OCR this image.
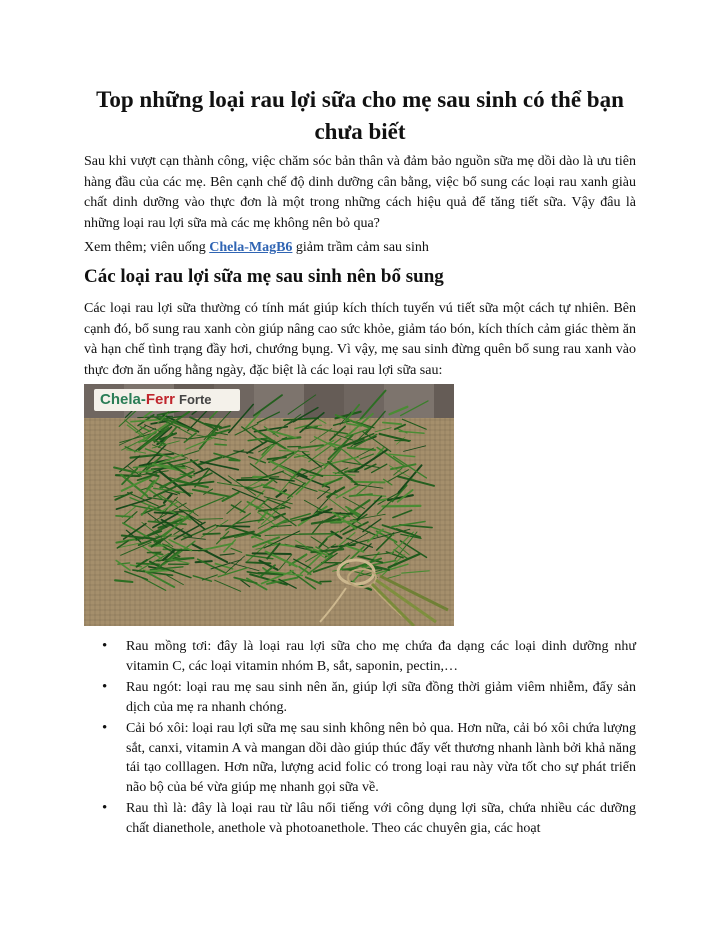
Top những loại rau lợi sữa cho mẹ sau sinh có thể bạn chưa biết

Sau khi vượt cạn thành công, việc chăm sóc bản thân và đảm bảo nguồn sữa mẹ dồi dào là ưu tiên hàng đầu của các mẹ. Bên cạnh chế độ dinh dưỡng cân bằng, việc bổ sung các loại rau xanh giàu chất dinh dưỡng vào thực đơn là một trong những cách hiệu quả để tăng tiết sữa. Vậy đâu là những loại rau lợi sữa mà các mẹ không nên bỏ qua?

Xem thêm; viên uống Chela-MagB6 giảm trầm cảm sau sinh

Các loại rau lợi sữa mẹ sau sinh nên bổ sung

Các loại rau lợi sữa thường có tính mát giúp kích thích tuyến vú tiết sữa một cách tự nhiên. Bên cạnh đó, bổ sung rau xanh còn giúp nâng cao sức khỏe, giảm táo bón, kích thích cảm giác thèm ăn và hạn chế tình trạng đầy hơi, chướng bụng. Vì vậy, mẹ sau sinh đừng quên bổ sung rau xanh vào thực đơn ăn uống hằng ngày, đặc biệt là các loại rau lợi sữa sau:

Chela-Ferr Forte
• Rau mồng tơi: đây là loại rau lợi sữa cho mẹ chứa đa dạng các loại dinh dưỡng như vitamin C, các loại vitamin nhóm B, sắt, saponin, pectin,…
• Rau ngót: loại rau mẹ sau sinh nên ăn, giúp lợi sữa đồng thời giảm viêm nhiễm, đẩy sản dịch của mẹ ra nhanh chóng.
• Cải bó xôi: loại rau lợi sữa mẹ sau sinh không nên bỏ qua. Hơn nữa, cải bó xôi chứa lượng sắt, canxi, vitamin A và mangan dồi dào giúp thúc đẩy vết thương nhanh lành bởi khả năng tái tạo colllagen. Hơn nữa, lượng acid folic có trong loại rau này vừa tốt cho sự phát triển não bộ của bé vừa giúp mẹ nhanh gọi sữa về.
• Rau thì là: đây là loại rau từ lâu nổi tiếng với công dụng lợi sữa, chứa nhiều các dưỡng chất dianethole, anethole và photoanethole. Theo các chuyên gia, các hoạt
